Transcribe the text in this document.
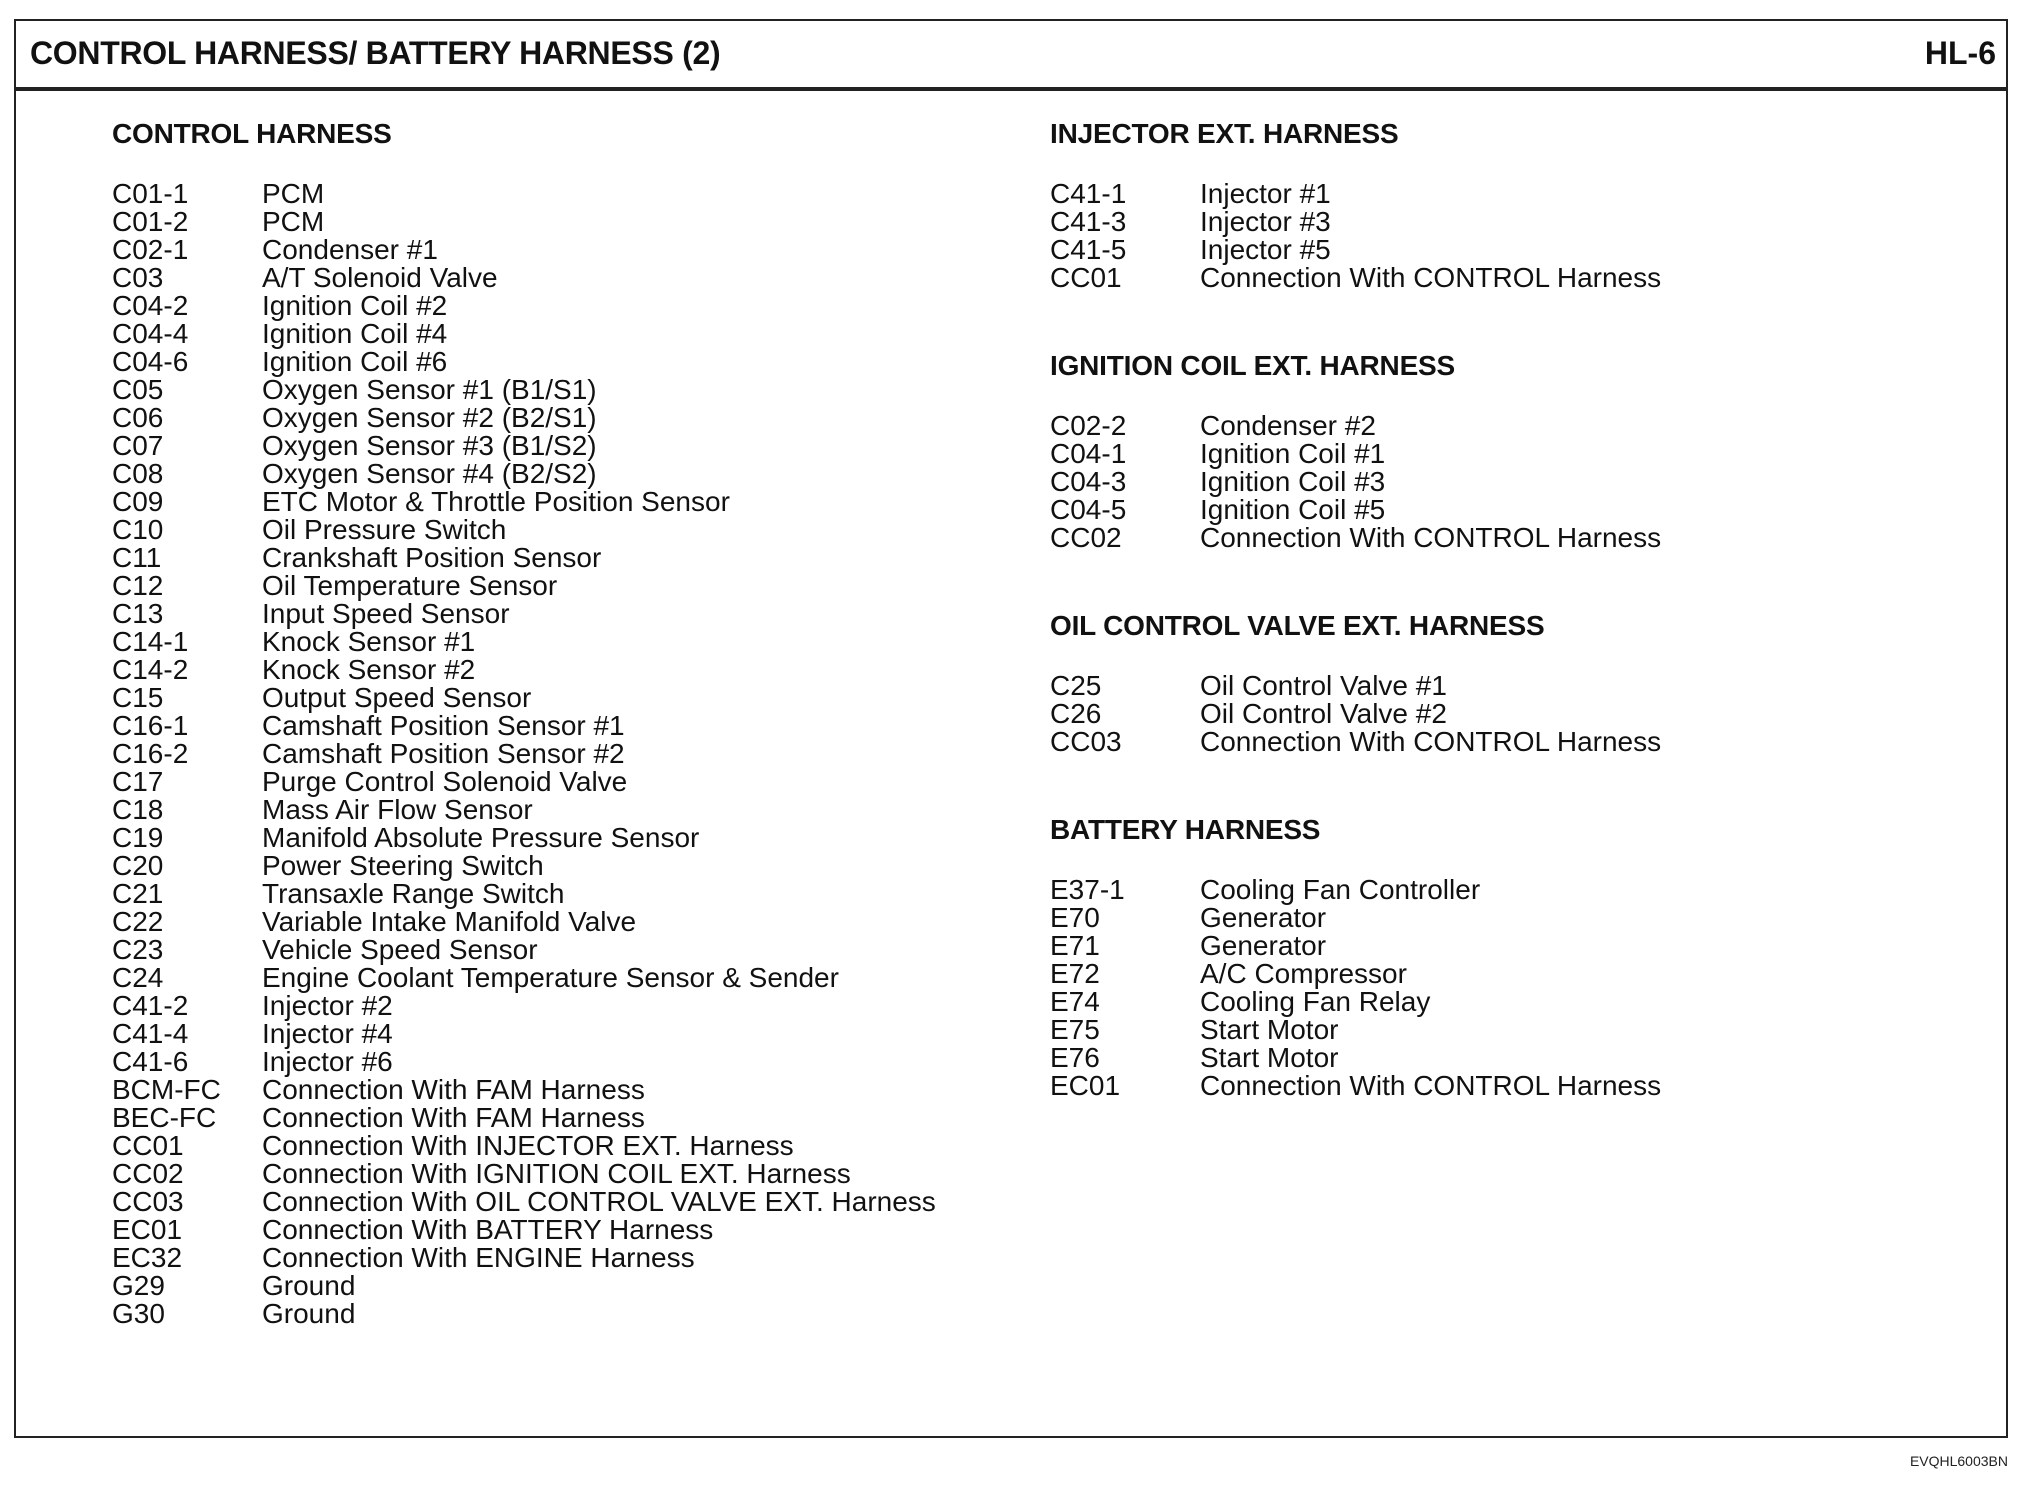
CONTROL HARNESS/ BATTERY HARNESS (2)	HL-6
CONTROL HARNESS
C01-1	PCM
C01-2	PCM
C02-1	Condenser #1
C03	A/T Solenoid Valve
C04-2	Ignition Coil #2
C04-4	Ignition Coil #4
C04-6	Ignition Coil #6
C05	Oxygen Sensor #1 (B1/S1)
C06	Oxygen Sensor #2 (B2/S1)
C07	Oxygen Sensor #3 (B1/S2)
C08	Oxygen Sensor #4 (B2/S2)
C09	ETC Motor & Throttle Position Sensor
C10	Oil Pressure Switch
C11	Crankshaft Position Sensor
C12	Oil Temperature Sensor
C13	Input Speed Sensor
C14-1	Knock Sensor #1
C14-2	Knock Sensor #2
C15	Output Speed Sensor
C16-1	Camshaft Position Sensor #1
C16-2	Camshaft Position Sensor #2
C17	Purge Control Solenoid Valve
C18	Mass Air Flow Sensor
C19	Manifold Absolute Pressure Sensor
C20	Power Steering Switch
C21	Transaxle Range Switch
C22	Variable Intake Manifold Valve
C23	Vehicle Speed Sensor
C24	Engine Coolant Temperature Sensor & Sender
C41-2	Injector #2
C41-4	Injector #4
C41-6	Injector #6
BCM-FC Connection With FAM Harness
BEC-FC Connection With FAM Harness
CC01	Connection With INJECTOR EXT. Harness
CC02	Connection With IGNITION COIL EXT. Harness
CC03	Connection With OIL CONTROL VALVE EXT. Harness
EC01	Connection With BATTERY Harness
EC32	Connection With ENGINE Harness
G29	Ground
G30	Ground
INJECTOR EXT. HARNESS
C41-1	Injector #1
C41-3	Injector #3
C41-5	Injector #5
CC01	Connection With CONTROL Harness
IGNITION COIL EXT. HARNESS
C02-2	Condenser #2
C04-1	Ignition Coil #1
C04-3	Ignition Coil #3
C04-5	Ignition Coil #5
CC02	Connection With CONTROL Harness
OIL CONTROL VALVE EXT. HARNESS
C25	Oil Control Valve #1
C26	Oil Control Valve #2
CC03	Connection With CONTROL Harness
BATTERY HARNESS
E37-1	Cooling Fan Controller
E70	Generator
E71	Generator
E72	A/C Compressor
E74	Cooling Fan Relay
E75	Start Motor
E76	Start Motor
EC01	Connection With CONTROL Harness
EVQHL6003BN
